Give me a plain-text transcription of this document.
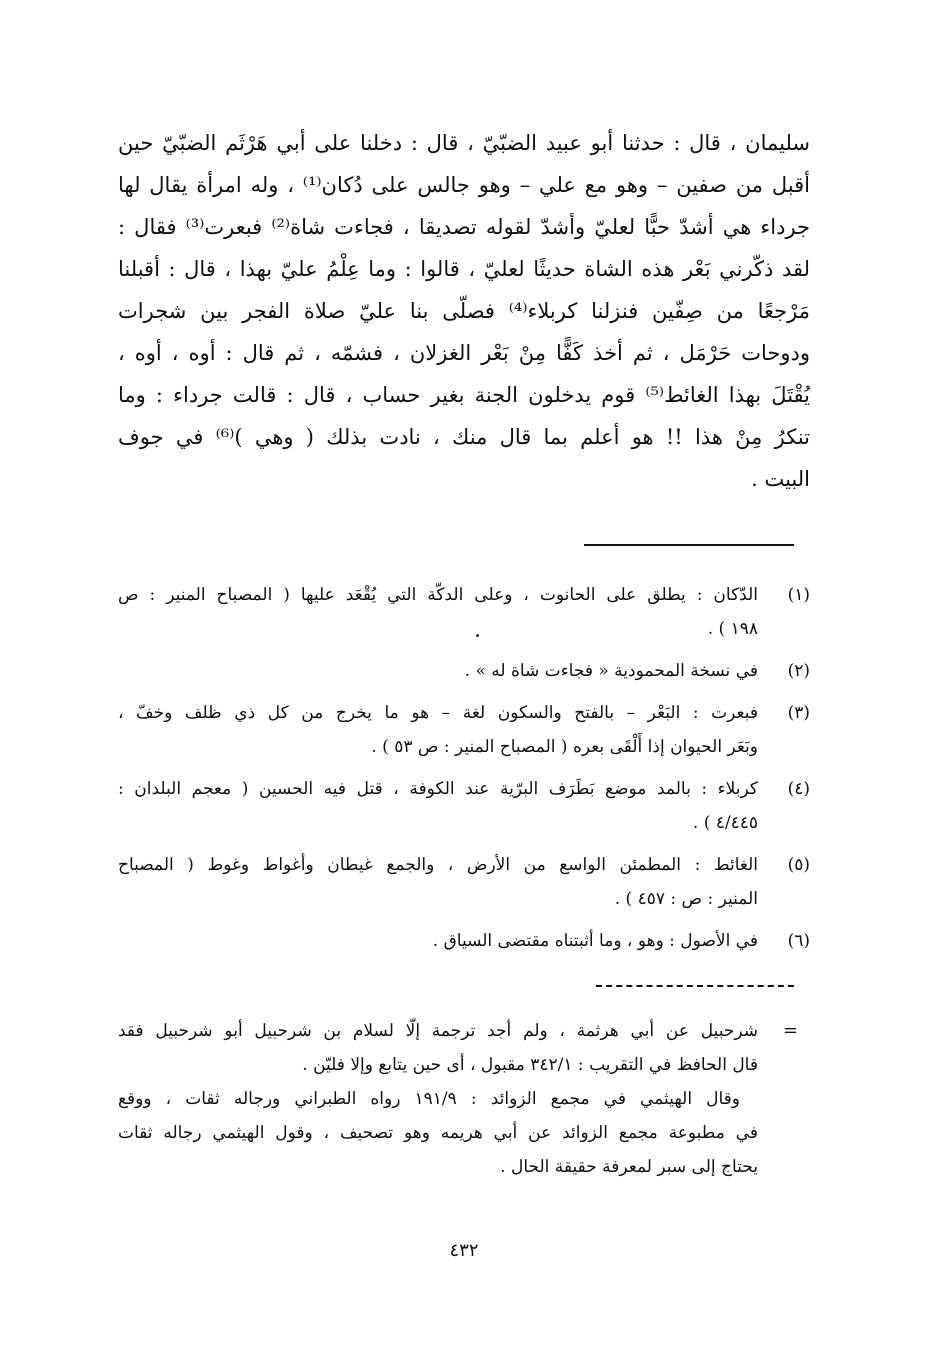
سليمان ، قال : حدثنا أبو عبيد الضبّيّ ، قال : دخلنا على أبي هَرْثَم الضبّيّ حين
أقبل من صفين – وهو مع علي – وهو جالس على دُكان⁽¹⁾ ، وله امرأة يقال لها
جرداء هي أشدّ حبًّا لعليّ وأشدّ لقوله تصديقا ، فجاءت شاة⁽²⁾ فبعرت⁽³⁾ فقال :
لقد ذكّرني بَعْر هذه الشاة حديثًا لعليّ ، قالوا : وما عِلْمُ عليّ بهذا ، قال : أقبلنا
مَرْجعًا من صِفّين فنزلنا كربلاء⁽⁴⁾ فصلّى بنا عليّ صلاة الفجر بين شجرات
ودوحات حَرْمَل ، ثم أخذ كَفًّا مِنْ بَعْر الغزلان ، فشمّه ، ثم قال : أوه ، أوه ،
يُقْتَلَ بهذا الغائط⁽⁵⁾ قوم يدخلون الجنة بغير حساب ، قال : قالت جرداء : وما
تنكرُ مِنْ هذا !! هو أعلم بما قال منك ، نادت بذلك ( وهي )⁽⁶⁾ في جوف
البيت .
(١)
الدّكان : يطلق على الحانوت ، وعلى الدكّة التي يُقْعَد عليها ( المصباح المنير : ص
١٩٨ ) .
(٢)
في نسخة المحمودية « فجاءت شاة له » .
(٣)
فبعرت : البَعْر – بالفتح والسكون لغة – هو ما يخرج من كل ذي ظلف وخفّ ،
وبَعَر الحيوان إذا أَلْقَى بعره ( المصباح المنير : ص ٥٣ ) .
(٤)
كربلاء : بالمد موضع بَطَرَف البرّية عند الكوفة ، قتل فيه الحسين ( معجم البلدان :
٤/٤٤٥ ) .
(٥)
الغائط : المطمئن الواسع من الأرض ، والجمع غيطان وأغواط وغوط ( المصباح
المنير : ص : ٤٥٧ ) .
(٦)
في الأصول : وهو ، وما أثبتناه مقتضى السياق .
=
شرحبيل عن أبي هرثمة ، ولم أجد ترجمة إلّا لسلام بن شرحبيل أبو شرحبيل فقد
قال الحافظ في التقريب : ٣٤٢/١ مقبول ، أى حين يتابع وإلا فليّن .
وقال الهيثمي في مجمع الزوائد : ١٩١/٩ رواه الطبراني ورجاله ثقات ، ووقع
في مطبوعة مجمع الزوائد عن أبي هريمه وهو تصحيف ، وقول الهيثمي رجاله ثقات
يحتاج إلى سبر لمعرفة حقيقة الحال .
٤٣٢
